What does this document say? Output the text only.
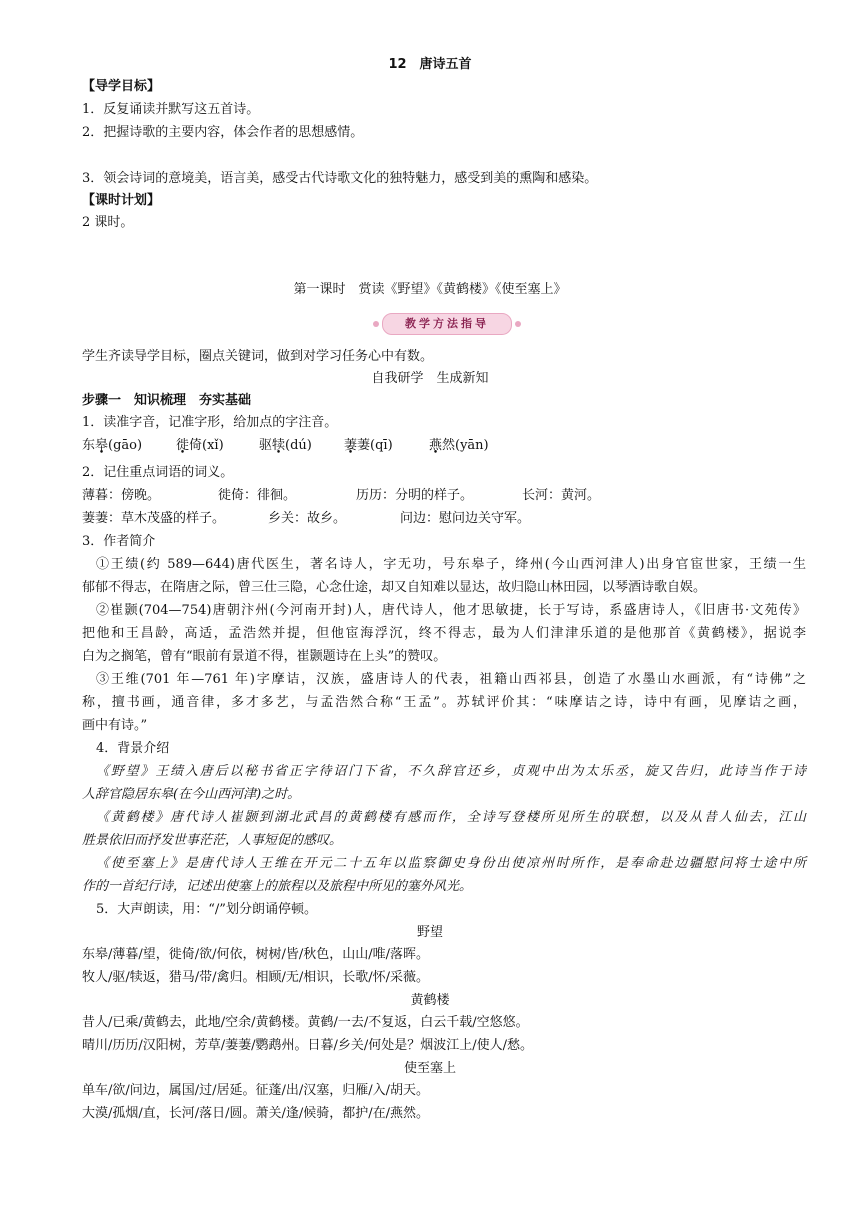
12　唐诗五首
【导学目标】
1．反复诵读并默写这五首诗。
2．把握诗歌的主要内容，体会作者的思想感情。
3．领会诗词的意境美，语言美，感受古代诗歌文化的独特魅力，感受到美的熏陶和感染。
【课时计划】
2 课时。
第一课时　赏读《野望》《黄鹤楼》《使至塞上》
教学方法指导
学生齐读导学目标，圈点关键词，做到对学习任务心中有数。
自我研学　生成新知
步骤一　知识梳理　夯实基础
1．读准字音，记准字形，给加点的字注音。
东皋(gāo)	徙倚(xǐ)	驱犊(dú) 萋萋(qī)	燕然(yān)
2．记住重点词语的词义。
薄暮：傍晚。	徙倚：徘徊。	历历：分明的样子。	长河：黄河。
萋萋：草木茂盛的样子。	乡关：故乡。	问边：慰问边关守军。
3．作者简介
①王绩(约 589—644)唐代医生，著名诗人，字无功，号东皋子，绛州(今山西河津人)出身官宦世家，王绩一生
郁郁不得志，在隋唐之际，曾三仕三隐，心念仕途，却又自知难以显达，故归隐山林田园，以琴酒诗歌自娱。
②崔颢(704—754)唐朝汴州(今河南开封)人，唐代诗人，他才思敏捷，长于写诗，系盛唐诗人，《旧唐书·文苑传》
把他和王昌龄，高适，孟浩然并提，但他宦海浮沉，终不得志，最为人们津津乐道的是他那首《黄鹤楼》，据说李
白为之搁笔，曾有“眼前有景道不得，崔颢题诗在上头”的赞叹。
③王维(701 年—761 年)字摩诘，汉族，盛唐诗人的代表，祖籍山西祁县，创造了水墨山水画派，有“诗佛”之
称，擅书画，通音律，多才多艺，与孟浩然合称“王孟”。苏轼评价其：“味摩诘之诗，诗中有画，见摩诘之画，
画中有诗。”
4．背景介绍
《野望》王绩入唐后以秘书省正字待诏门下省，不久辞官还乡，贞观中出为太乐丞，旋又告归，此诗当作于诗
人辞官隐居东皋(在今山西河津)之时。
《黄鹤楼》唐代诗人崔颢到湖北武昌的黄鹤楼有感而作，全诗写登楼所见所生的联想，以及从昔人仙去，江山
胜景依旧而抒发世事茫茫，人事短促的感叹。
《使至塞上》是唐代诗人王维在开元二十五年以监察御史身份出使凉州时所作，是奉命赴边疆慰问将士途中所
作的一首纪行诗，记述出使塞上的旅程以及旅程中所见的塞外风光。
5．大声朗读，用：“/”划分朗诵停顿。
野望
东皋/薄暮/望，徙倚/欲/何依，树树/皆/秋色，山山/唯/落晖。
牧人/驱/犊返，猎马/带/禽归。相顾/无/相识，长歌/怀/采薇。
黄鹤楼
昔人/已乘/黄鹤去，此地/空余/黄鹤楼。黄鹤/一去/不复返，白云千载/空悠悠。
晴川/历历/汉阳树，芳草/萋萋/鹦鹉州。日暮/乡关/何处是？烟波江上/使人/愁。
使至塞上
单车/欲/问边，属国/过/居延。征蓬/出/汉塞，归雁/入/胡天。
大漠/孤烟/直，长河/落日/圆。萧关/逢/候骑，都护/在/燕然。
